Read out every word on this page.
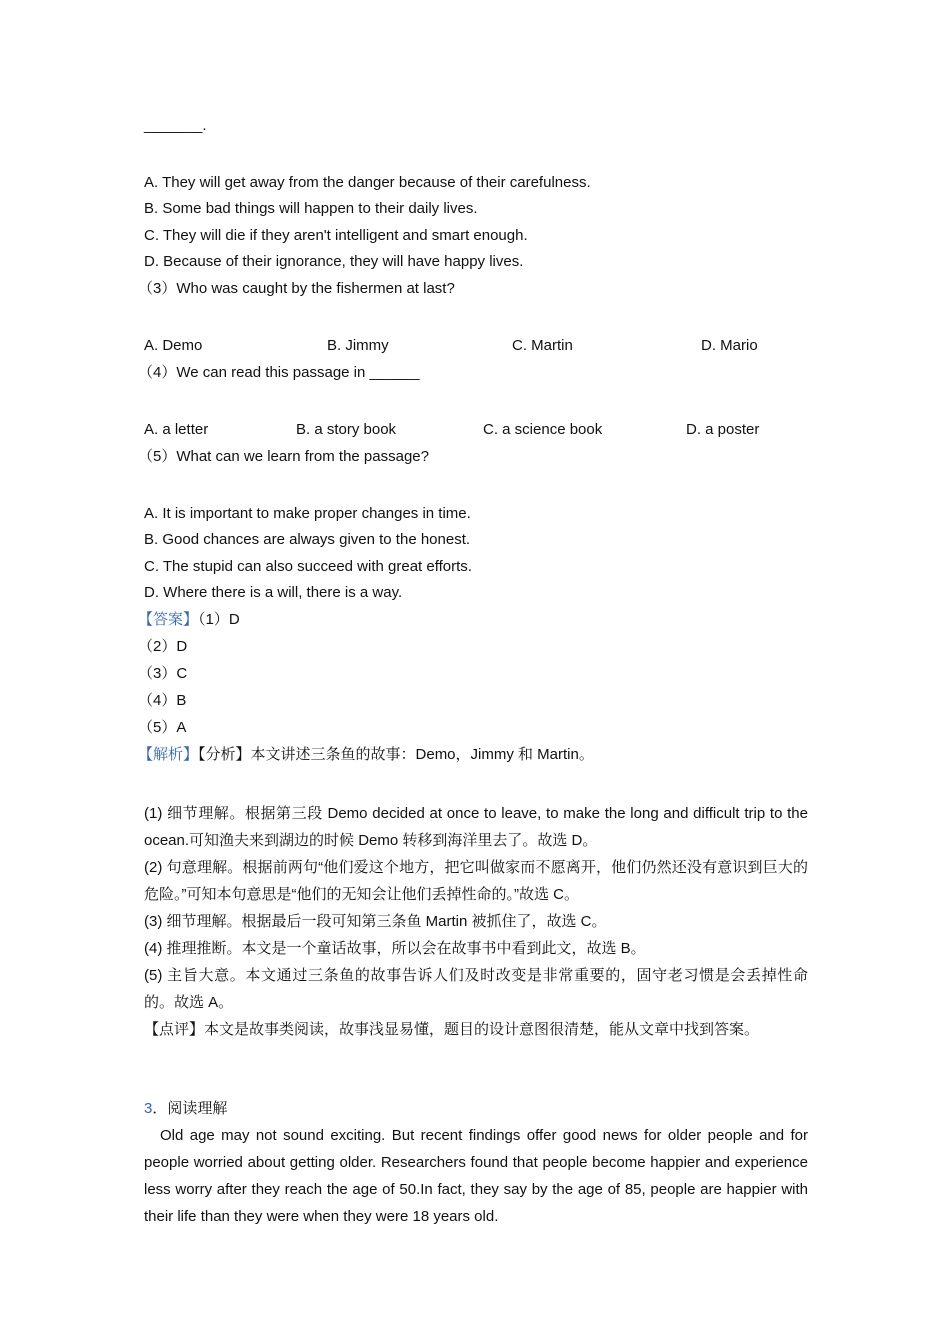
_______.
A. They will get away from the danger because of their carefulness.
B. Some bad things will happen to their daily lives.
C. They will die if they aren't intelligent and smart enough.
D. Because of their ignorance, they will have happy lives.
（3）Who was caught by the fishermen at last?
A. Demo	B. Jimmy	C. Martin	D. Mario
（4）We can read this passage in ______
A. a letter	B. a story book	C. a science book	D. a poster
（5）What can we learn from the passage?
A. It is important to make proper changes in time.
B. Good chances are always given to the honest.
C. The stupid can also succeed with great efforts.
D. Where there is a will, there is a way.
【答案】（1）D
（2）D
（3）C
（4）B
（5）A
【解析】【分析】本文讲述三条鱼的故事：Demo，Jimmy 和 Martin。
(1) 细节理解。根据第三段 Demo decided at once to leave, to make the long and difficult trip to the ocean.可知渔夫来到湖边的时候 Demo 转移到海洋里去了。故选 D。
(2) 句意理解。根据前两句“他们爱这个地方，把它叫做家而不愿离开，他们仍然还没有意识到巨大的危险。”可知本句意思是“他们的无知会让他们丢掉性命的。”故选 C。
(3) 细节理解。根据最后一段可知第三条鱼 Martin 被抓住了，故选 C。
(4) 推理推断。本文是一个童话故事，所以会在故事书中看到此文，故选 B。
(5) 主旨大意。本文通过三条鱼的故事告诉人们及时改变是非常重要的，固守老习惯是会丢掉性命的。故选 A。
【点评】本文是故事类阅读，故事浅显易懂，题目的设计意图很清楚，能从文章中找到答案。
3．阅读理解
Old age may not sound exciting. But recent findings offer good news for older people and for people worried about getting older. Researchers found that people become happier and experience less worry after they reach the age of 50.In fact, they say by the age of 85, people are happier with their life than they were when they were 18 years old.
